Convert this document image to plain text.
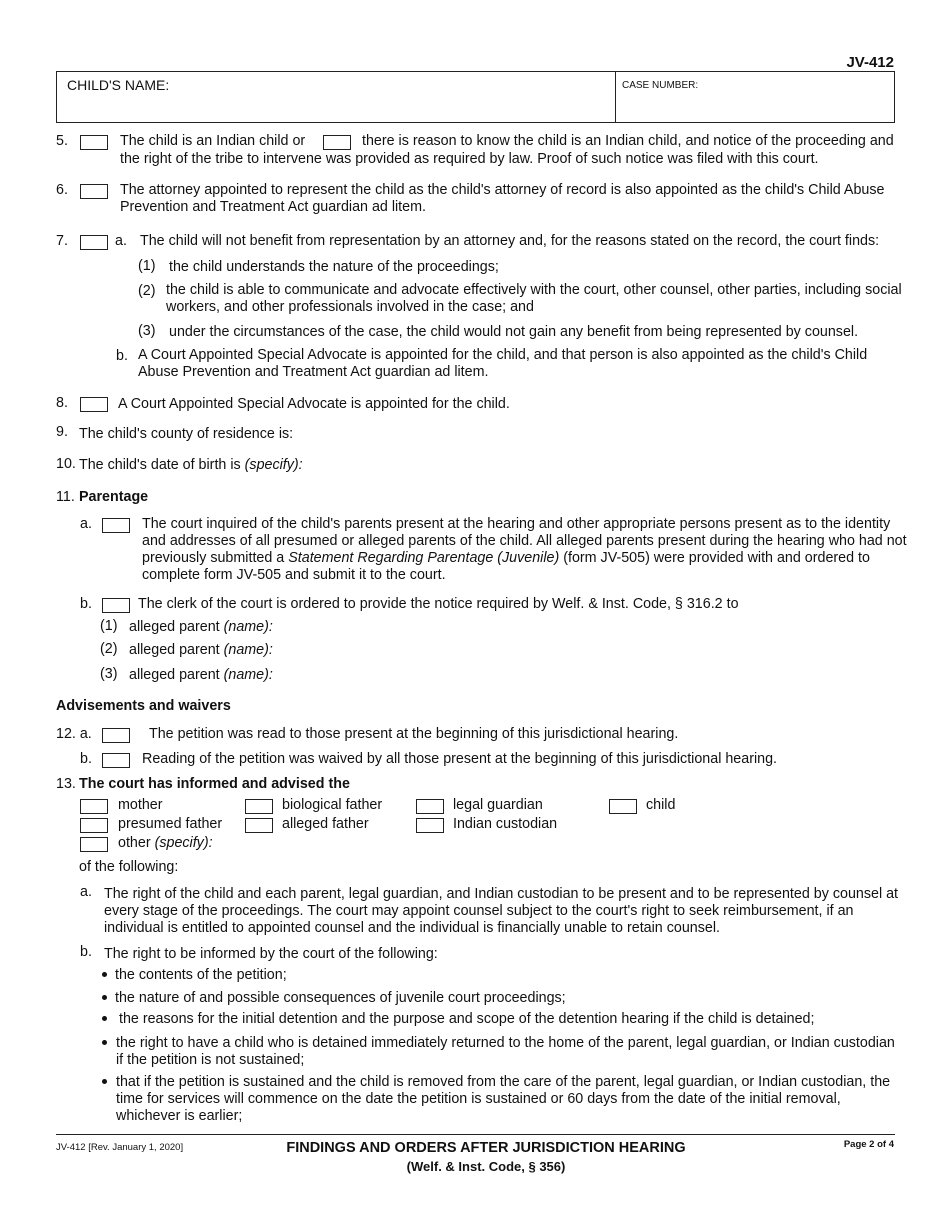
JV-412
CHILD'S NAME:	CASE NUMBER:
5.	The child is an Indian child or	there is reason to know the child is an Indian child, and notice of the proceeding and
the right of the tribe to intervene was provided as required by law. Proof of such notice was filed with this court.
6.	The attorney appointed to represent the child as the child's attorney of record is also appointed as the child's Child Abuse
Prevention and Treatment Act guardian ad litem.
7.	a. The child will not benefit from representation by an attorney and, for the reasons stated on the record, the court finds:
(1) the child understands the nature of the proceedings;
(2) the child is able to communicate and advocate effectively with the court, other counsel, other parties, including social
workers, and other professionals involved in the case; and
(3) under the circumstances of the case, the child would not gain any benefit from being represented by counsel.
b. A Court Appointed Special Advocate is appointed for the child, and that person is also appointed as the child's Child
Abuse Prevention and Treatment Act guardian ad litem.
8.	A Court Appointed Special Advocate is appointed for the child.
9. The child's county of residence is:
10. The child's date of birth is (specify):
11. Parentage
a.	The court inquired of the child's parents present at the hearing and other appropriate persons present as to the identity
and addresses of all presumed or alleged parents of the child. All alleged parents present during the hearing who had not
previously submitted a Statement Regarding Parentage (Juvenile) (form JV-505) were provided with and ordered to
complete form JV-505 and submit it to the court.
b.	The clerk of the court is ordered to provide the notice required by Welf. & Inst. Code, § 316.2 to
(1) alleged parent (name):
(2) alleged parent (name):
(3) alleged parent (name):
Advisements and waivers
12. a.	The petition was read to those present at the beginning of this jurisdictional hearing.
b.	Reading of the petition was waived by all those present at the beginning of this jurisdictional hearing.
13. The court has informed and advised the
mother	biological father	legal guardian	child
presumed father	alleged father	Indian custodian
other (specify):
of the following:
a. The right of the child and each parent, legal guardian, and Indian custodian to be present and to be represented by counsel at
every stage of the proceedings. The court may appoint counsel subject to the court's right to seek reimbursement, if an
individual is entitled to appointed counsel and the individual is financially unable to retain counsel.
b. The right to be informed by the court of the following:
the contents of the petition;
the nature of and possible consequences of juvenile court proceedings;
the reasons for the initial detention and the purpose and scope of the detention hearing if the child is detained;
the right to have a child who is detained immediately returned to the home of the parent, legal guardian, or Indian custodian
if the petition is not sustained;
that if the petition is sustained and the child is removed from the care of the parent, legal guardian, or Indian custodian, the
time for services will commence on the date the petition is sustained or 60 days from the date of the initial removal,
whichever is earlier;
JV-412 [Rev. January 1, 2020]	FINDINGS AND ORDERS AFTER JURISDICTION HEARING
(Welf. & Inst. Code, § 356)
Page 2 of 4
